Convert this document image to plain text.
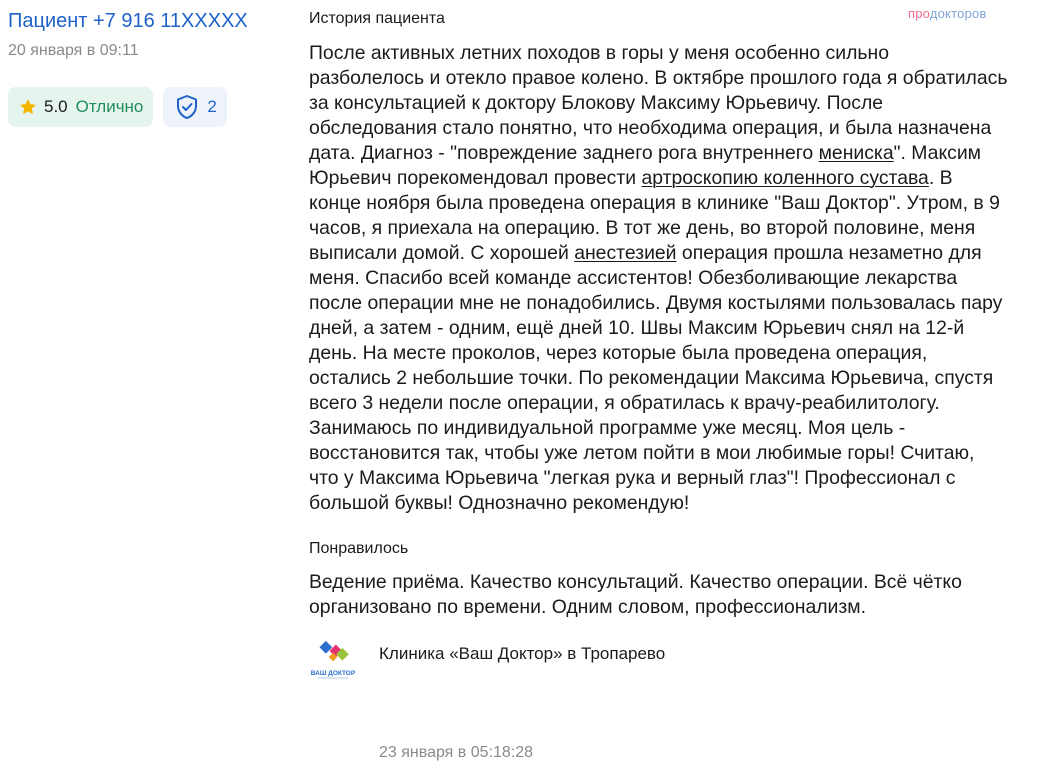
Пациент +7 916 11XXXXX
20 января в 09:11
5.0 Отлично	2
продокторов
История пациента
После активных летних походов в горы у меня особенно сильно разболелось и отекло правое колено. В октябре прошлого года я обратилась за консультацией к доктору Блокову Максиму Юрьевичу. После обследования стало понятно, что необходима операция, и была назначена дата. Диагноз - "повреждение заднего рога внутреннего мениска". Максим Юрьевич порекомендовал провести артроскопию коленного сустава. В конце ноября была проведена операция в клинике "Ваш Доктор". Утром, в 9 часов, я приехала на операцию. В тот же день, во второй половине, меня выписали домой. С хорошей анестезией операция прошла незаметно для меня. Спасибо всей команде ассистентов! Обезболивающие лекарства после операции мне не понадобились. Двумя костылями пользовалась пару дней, а затем - одним, ещё дней 10. Швы Максим Юрьевич снял на 12-й день. На месте проколов, через которые была проведена операция, остались 2 небольшие точки. По рекомендации Максима Юрьевича, спустя всего 3 недели после операции, я обратилась к врачу-реабилитологу. Занимаюсь по индивидуальной программе уже месяц. Моя цель - восстановится так, чтобы уже летом пойти в мои любимые горы! Считаю, что у Максима Юрьевича "легкая рука и верный глаз"! Профессионал с большой буквы! Однозначно рекомендую!
Понравилось
Ведение приёма. Качество консультаций. Качество операции. Всё чётко организовано по времени. Одним словом, профессионализм.
ВАШ ДОКТОР
Клиника «Ваш Доктор» в Тропарево
23 января в 05:18:28
